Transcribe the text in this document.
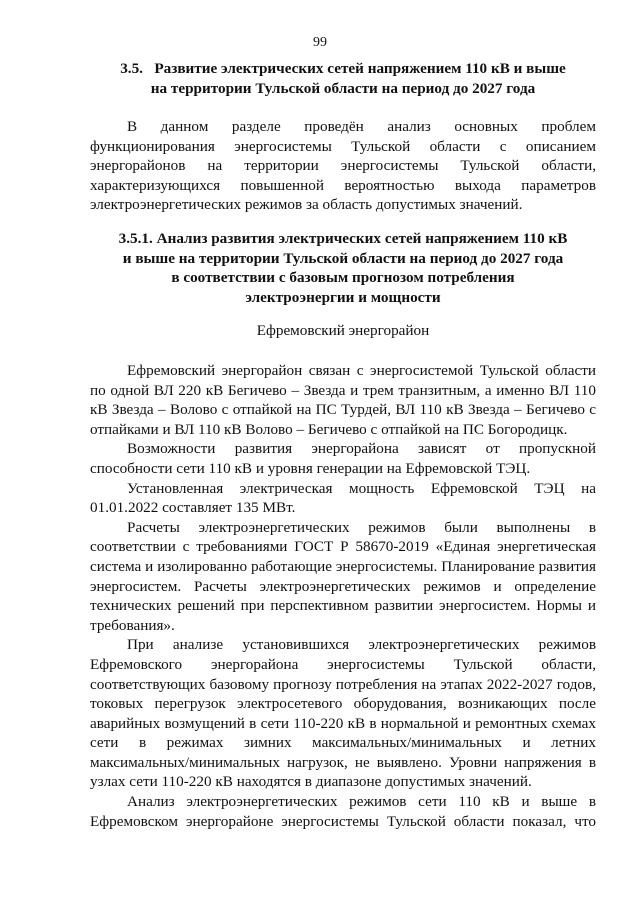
99
3.5.   Развитие электрических сетей напряжением 110 кВ и выше
на территории Тульской области на период до 2027 года

В данном разделе проведён анализ основных проблем функционирования энергосистемы Тульской области с описанием энергорайонов на территории энергосистемы Тульской области, характеризующихся повышенной вероятностью выхода параметров электроэнергетических режимов за область допустимых значений.

3.5.1. Анализ развития электрических сетей напряжением 110 кВ
и выше на территории Тульской области на период до 2027 года
в соответствии с базовым прогнозом потребления
электроэнергии и мощности
Ефремовский энергорайон

Ефремовский энергорайон связан с энергосистемой Тульской области по одной ВЛ 220 кВ Бегичево – Звезда и трем транзитным, а именно ВЛ 110 кВ Звезда – Волово с отпайкой на ПС Турдей, ВЛ 110 кВ Звезда – Бегичево с отпайками и ВЛ 110 кВ Волово – Бегичево с отпайкой на ПС Богородицк.

Возможности развития энергорайона зависят от пропускной способности сети 110 кВ и уровня генерации на Ефремовской ТЭЦ.

Установленная электрическая мощность Ефремовской ТЭЦ на 01.01.2022 составляет 135 МВт.

Расчеты электроэнергетических режимов были выполнены в соответствии с требованиями ГОСТ Р 58670-2019 «Единая энергетическая система и изолированно работающие энергосистемы. Планирование развития энергосистем. Расчеты электроэнергетических режимов и определение технических решений при перспективном развитии энергосистем. Нормы и требования».

При анализе установившихся электроэнергетических режимов Ефремовского энергорайона энергосистемы Тульской области, соответствующих базовому прогнозу потребления на этапах 2022-2027 годов, токовых перегрузок электросетевого оборудования, возникающих после аварийных возмущений в сети 110-220 кВ в нормальной и ремонтных схемах сети в режимах зимних максимальных/минимальных и летних максимальных/минимальных нагрузок, не выявлено. Уровни напряжения в узлах сети 110-220 кВ находятся в диапазоне допустимых значений.

Анализ электроэнергетических режимов сети 110 кВ и выше в Ефремовском энергорайоне энергосистемы Тульской области показал, что
